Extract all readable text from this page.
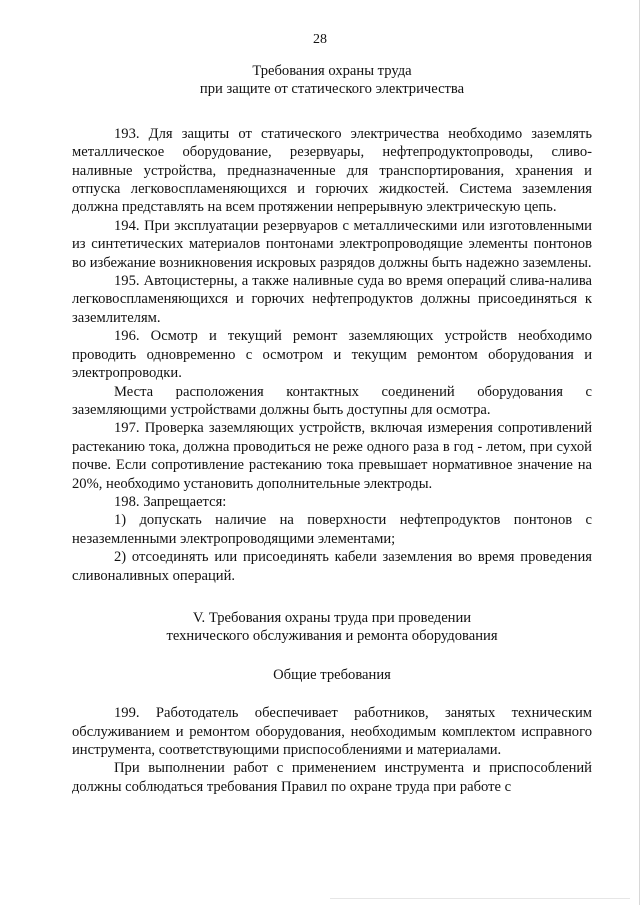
28

Требования охраны труда

при защите от статического электричества

193. Для защиты от статического электричества необходимо заземлять металлическое оборудование, резервуары, нефтепродуктопроводы, сливо-наливные устройства, предназначенные для транспортирования, хранения и отпуска легковоспламеняющихся и горючих жидкостей. Система заземления должна представлять на всем протяжении непрерывную электрическую цепь.

194. При эксплуатации резервуаров с металлическими или изготовленными из синтетических материалов понтонами электропроводящие элементы понтонов во избежание возникновения искровых разрядов должны быть надежно заземлены.

195. Автоцистерны, а также наливные суда во время операций слива-налива легковоспламеняющихся и горючих нефтепродуктов должны присоединяться к заземлителям.

196. Осмотр и текущий ремонт заземляющих устройств необходимо проводить одновременно с осмотром и текущим ремонтом оборудования и электропроводки.

Места расположения контактных соединений оборудования с заземляющими устройствами должны быть доступны для осмотра.

197. Проверка заземляющих устройств, включая измерения сопротивлений растеканию тока, должна проводиться не реже одного раза в год - летом, при сухой почве. Если сопротивление растеканию тока превышает нормативное значение на 20%, необходимо установить дополнительные электроды.

198. Запрещается:

1) допускать наличие на поверхности нефтепродуктов понтонов с незаземленными электропроводящими элементами;

2) отсоединять или присоединять кабели заземления во время проведения сливоналивных операций.

V. Требования охраны труда при проведении

технического обслуживания и ремонта оборудования

Общие требования

199. Работодатель обеспечивает работников, занятых техническим обслуживанием и ремонтом оборудования, необходимым комплектом исправного инструмента, соответствующими приспособлениями и материалами.

При выполнении работ с применением инструмента и приспособлений должны соблюдаться требования Правил по охране труда при работе с
